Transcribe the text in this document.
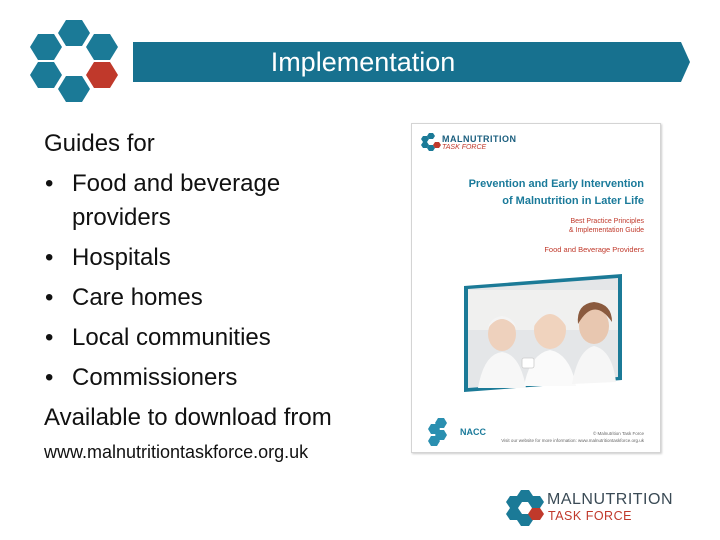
Implementation
Guides for
• Food and beverage
providers
• Hospitals
• Care homes
• Local communities
• Commissioners
Available to download from
www.malnutritiontaskforce.org.uk
MALNUTRITION
TASK FORCE
Prevention and Early Intervention
of Malnutrition in Later Life
Best Practice Principles
& Implementation Guide
Food and Beverage Providers
NACC	© Malnutrition Task Force
Visit our website for more information: www.malnutritiontaskforce.org.uk
MALNUTRITION
TASK FORCE
